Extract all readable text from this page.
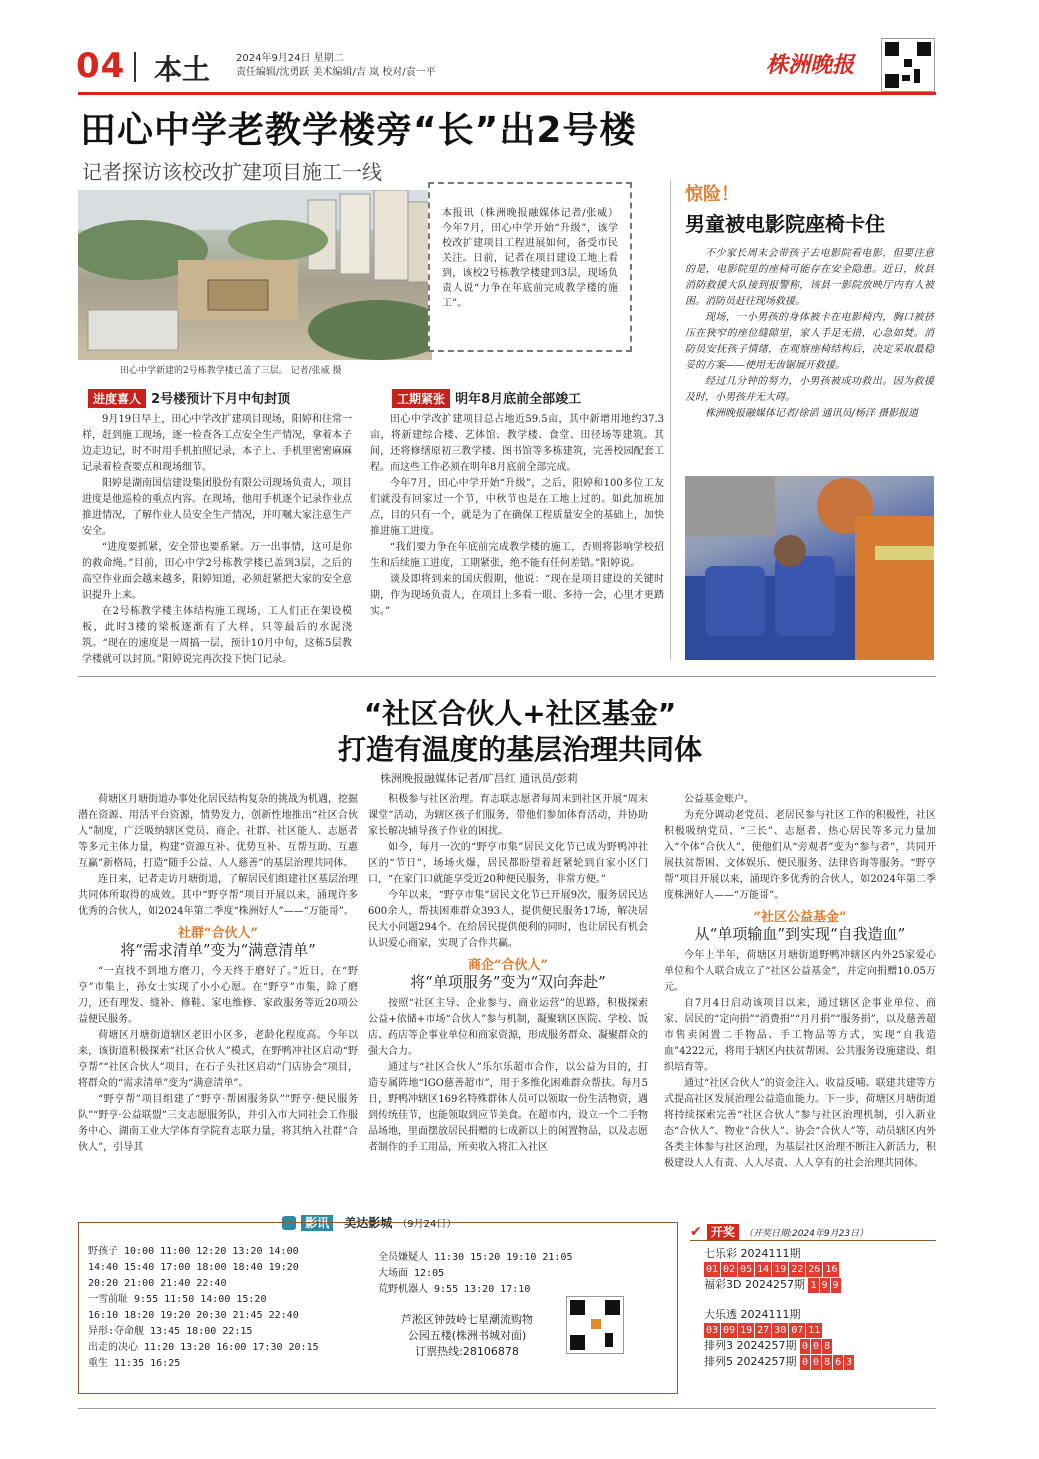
04 本土	2024年9月24日 星期二
责任编辑/沈勇跃 美术编辑/吉 岚 校对/袁一平	株洲晚报
田心中学老教学楼旁“长”出2号楼
记者探访该校改扩建项目施工一线
田心中学新建的2号栋教学楼已盖了三层。 记者/张威 摄
本报讯（株洲晚报融媒体记者/张威） 今年7月，田心中学开始“升级”，该学校改扩建项目工程进展如何，备受市民关注。日前，记者在项目建设工地上看到，该校2号栋教学楼建到3层，现场负责人说“力争在年底前完成教学楼的施工”。
进度喜人 2号楼预计下月中旬封顶

9月19日早上，田心中学改扩建项目现场，阳婷和往常一样，赶到施工现场，逐一检查各工点安全生产情况，拿着本子边走边记，时不时用手机拍照记录，本子上、手机里密密麻麻记录着检查要点和现场细节。

阳婷是湖南国信建设集团股份有限公司现场负责人，项目进度是他巡检的重点内容。在现场，他用手机逐个记录作业点推进情况，了解作业人员安全生产情况，并叮嘱大家注意生产安全。

“进度要抓紧，安全带也要系紧。万一出事情，这可是你的救命绳。”目前，田心中学2号栋教学楼已盖到3层，之后的高空作业面会越来越多，阳婷知道，必须赶紧把大家的安全意识提升上来。

在2号栋教学楼主体结构施工现场，工人们正在架设模板，此时3楼的梁板逐渐有了大样，只等最后的水泥浇筑。“现在的速度是一周搞一层，预计10月中旬，这栋5层教学楼就可以封顶。”阳婷说完再次投下快门记录。

工期紧张 明年8月底前全部竣工

田心中学改扩建项目总占地近59.5亩，其中新增用地约37.3亩，将新建综合楼、艺体馆、教学楼、食堂、田径场等建筑。其间，还将修缮原初三教学楼、图书馆等多栋建筑，完善校园配套工程。而这些工作必须在明年8月底前全部完成。

今年7月，田心中学开始“升级”，之后，阳婷和100多位工友们就没有回家过一个节，中秋节也是在工地上过的。如此加班加点，目的只有一个，就是为了在确保工程质量安全的基础上，加快推进施工进度。

“我们要力争在年底前完成教学楼的施工，否则将影响学校招生和后续施工进度，工期紧张，绝不能有任何差错。”阳婷说。

谈及即将到来的国庆假期，他说：“现在是项目建设的关键时期，作为现场负责人，在项目上多看一眼、多待一会，心里才更踏实。”

惊险！
男童被电影院座椅卡住

不少家长周末会带孩子去电影院看电影，但要注意的是，电影院里的座椅可能存在安全隐患。近日，攸县消防救援大队接到报警称，该县一影院放映厅内有人被困。消防员赶往现场救援。

现场，一小男孩的身体被卡在电影椅内，胸口被挤压在狭窄的座位缝隙里，家人手足无措，心急如焚。消防员安抚孩子情绪，在观察座椅结构后，决定采取最稳妥的方案——使用无齿锯展开救援。

经过几分钟的努力，小男孩被成功救出。因为救援及时，小男孩并无大碍。

株洲晚报融媒体记者/徐滔 通讯员/杨洋 摄影报道

“社区合伙人+社区基金”
打造有温度的基层治理共同体
株洲晚报融媒体记者/旷昌红 通讯员/彭莉

荷塘区月塘街道办事处化居民结构复杂的挑战为机遇，挖掘潜在资源、用活平台资源，情势发力，创新性地推出“社区合伙人”制度，广泛吸纳辖区党员、商企、社群、社区能人、志愿者等多元主体力量，构建“资源互补、优势互补、互帮互助、互惠互赢”新格局，打造“随手公益、人人慈善”的基层治理共同体。

连日来，记者走访月塘街道，了解居民们组建社区基层治理共同体所取得的成效。其中“野亨帮”项目开展以来，涌现许多优秀的合伙人，如2024年第二季度“株洲好人”——“万能哥”。

社群“合伙人”
将“需求清单”变为“满意清单”

“一直找不到地方磨刀，今天终于磨好了。”近日，在“野亨”市集上，孙女士实现了小小心愿。在“野亨”市集，除了磨刀，还有理发、缝补、修鞋、家电维修、家政服务等近20项公益便民服务。

荷塘区月塘街道辖区老旧小区多，老龄化程度高。今年以来，该街道积极探索“社区合伙人”模式，在野鸭冲社区启动“野亨帮”“社区合伙人”项目，在石子头社区启动“门店协会”项目，将群众的“需求清单”变为“满意清单”。

“野亨帮”项目组建了“野亨·帮困服务队”“野亨·便民服务队”“野亨·公益联盟”三支志愿服务队，并引入市大同社会工作服务中心、湖南工业大学体育学院育志联力量，将其纳入社群“合伙人”，引导其

积极参与社区治理。育志联志愿者每周末到社区开展“周末课堂”活动，为辖区孩子们服务，带他们参加体育活动，并协助家长解决辅导孩子作业的困扰。

如今，每月一次的“野亨市集”居民文化节已成为野鸭冲社区的“节日”，场场火爆，居民都盼望着赶紧轮到自家小区门口，“在家门口就能享受近20种便民服务，非常方便。”

今年以来，“野亨市集”居民文化节已开展9次，服务居民达600余人，帮扶困难群众393人，提供便民服务17场，解决居民大小问题294个。在给居民提供便利的同时，也让居民有机会认识爱心商家，实现了合作共赢。

商企“合伙人”
将“单项服务”变为“双向奔赴”

按照“社区主导、企业参与、商业运营”的思路，积极探索公益+依储+市场“合伙人”参与机制，凝聚辖区医院、学校、饭店、药店等企事业单位和商家资源，形成服务群众、凝聚群众的强大合力。

通过与“社区合伙人”乐尔乐超市合作，以公益为目的，打造专属阵地“IGO慈善超市”，用于多维化困难群众帮扶。每月5日，野鸭冲辖区169名特殊群体人员可以领取一份生活物资，遇到传统佳节，也能领取到应节美食。在超市内，设立一个二手物品场地，里面摆放居民捐赠的七成新以上的闲置物品，以及志愿者制作的手工用品，所卖收入将汇入社区

公益基金账户。

为充分调动老党员、老居民参与社区工作的积极性，社区积极吸纳党员、“三长”、志愿者、热心居民等多元力量加入“个体”合伙人”，使他们从“旁观者”变为“参与者”，共同开展扶贫帮困、文体娱乐、便民服务、法律咨询等服务。“野亨帮”项目开展以来，涌现许多优秀的合伙人，如2024年第二季度株洲好人——“万能哥”。

“社区公益基金”
从“单项输血”到实现“自我造血”

今年上半年，荷塘区月塘街道野鸭冲辖区内外25家爱心单位和个人联合成立了“社区公益基金”，并定向捐赠10.05万元。

自7月4日启动该项目以来，通过辖区企事业单位、商家、居民的“定向捐”“消费捐”“月月捐”“服务捐”，以及慈善超市售卖闲置二手物品、手工物品等方式，实现“自我造血”4222元，将用于辖区内扶贫帮困、公共服务设施建设、组织培育等。

通过“社区合伙人”的资金注入、收益反哺、联建共建等方式提高社区发展治理公益造血能力。下一步，荷塘区月塘街道将持续探索完善“社区合伙人”参与社区治理机制，引入新业态“合伙人”、物业“合伙人”、协会“合伙人”等，动员辖区内外各类主体参与社区治理，为基层社区治理不断注入新活力，积极建设人人有责、人人尽责、人人享有的社会治理共同体。

影讯 美达影城 （9月24日）
野孩子 10:00 11:00 12:20 13:20 14:00
14:40 15:40 17:00 18:00 18:40 19:20
20:20 21:00 21:40 22:40
一雪前耻 9:55 11:50 14:00 15:20
16:10 18:20 19:20 20:30 21:45 22:40
异形:夺命舰 13:45 18:00 22:15
出走的决心 11:20 13:20 16:00 17:30 20:15
重生 11:35 16:25
全员嫌疑人 11:30 15:20 19:10 21:05
大场面 12:05
荒野机器人 9:55 13:20 17:10
芦淞区钟鼓岭七星潮流购物
公园五楼(株洲书城对面)
订票热线:28106878
✔ 开奖 （开奖日期:2024年9月23日）
七乐彩 2024111期
01 02 05 14 19 22 26 16
福彩3D 2024257期 1 9 9
大乐透 2024111期
03 09 19 27 30 07 11
排列3 2024257期 0 0 8
排列5 2024257期 0 0 8 6 3
